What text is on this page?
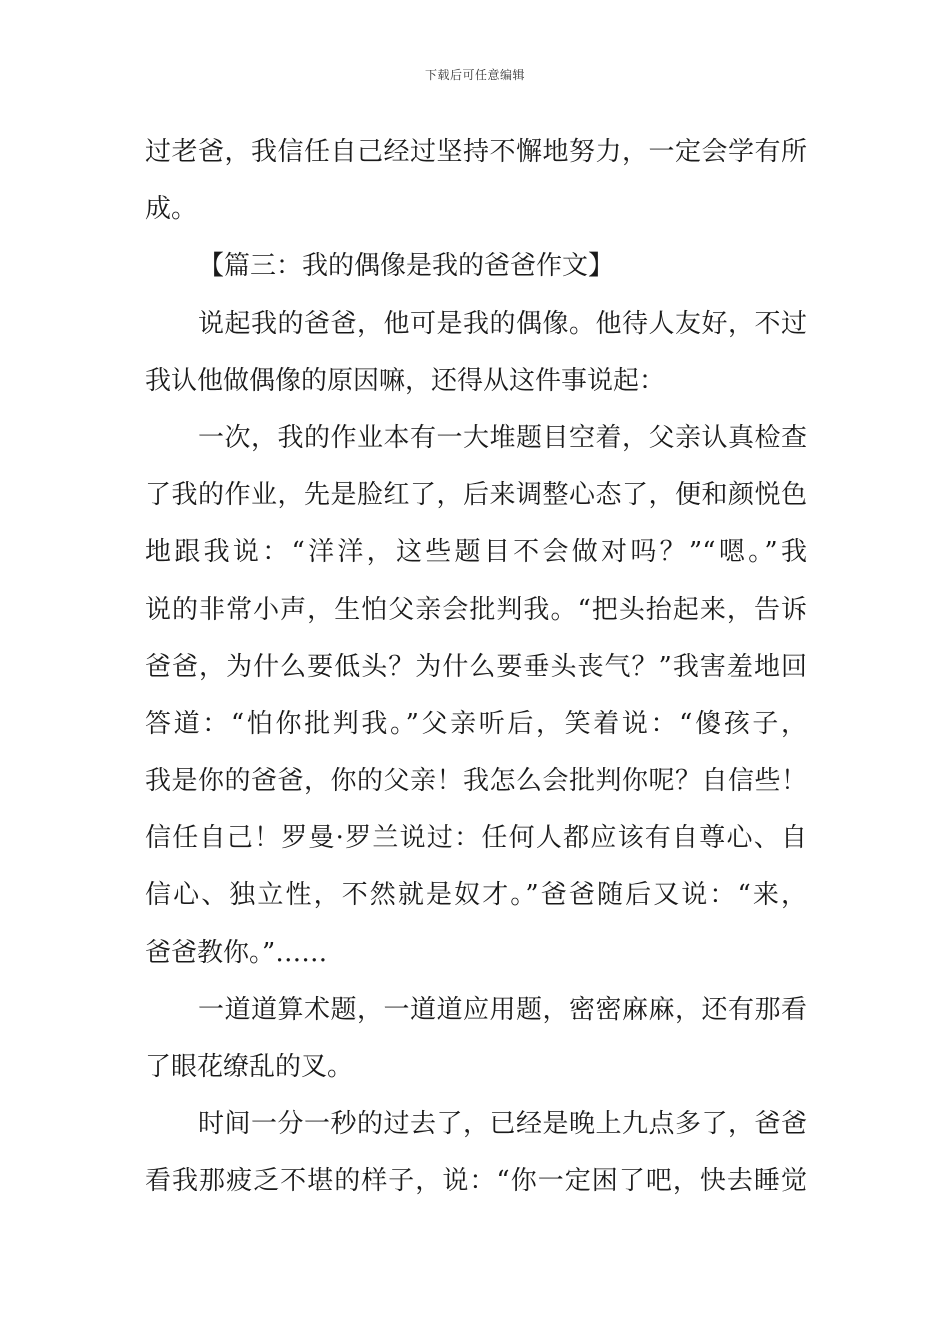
下载后可任意编辑
过老爸，我信任自己经过坚持不懈地努力，一定会学有所
成。
【篇三：我的偶像是我的爸爸作文】
说起我的爸爸，他可是我的偶像。他待人友好，不过
我认他做偶像的原因嘛，还得从这件事说起：
一次，我的作业本有一大堆题目空着，父亲认真检查
了我的作业，先是脸红了，后来调整心态了，便和颜悦色
地跟我说：“洋洋，这些题目不会做对吗？”“嗯。”我
说的非常小声，生怕父亲会批判我。“把头抬起来，告诉
爸爸，为什么要低头？为什么要垂头丧气？”我害羞地回
答道：“怕你批判我。”父亲听后，笑着说：“傻孩子，
我是你的爸爸，你的父亲！我怎么会批判你呢？自信些！
信任自己！罗曼·罗兰说过：任何人都应该有自尊心、自
信心、独立性，不然就是奴才。”爸爸随后又说：“来，
爸爸教你。”……
一道道算术题，一道道应用题，密密麻麻，还有那看
了眼花缭乱的叉。
时间一分一秒的过去了，已经是晚上九点多了，爸爸
看我那疲乏不堪的样子，说：“你一定困了吧，快去睡觉
